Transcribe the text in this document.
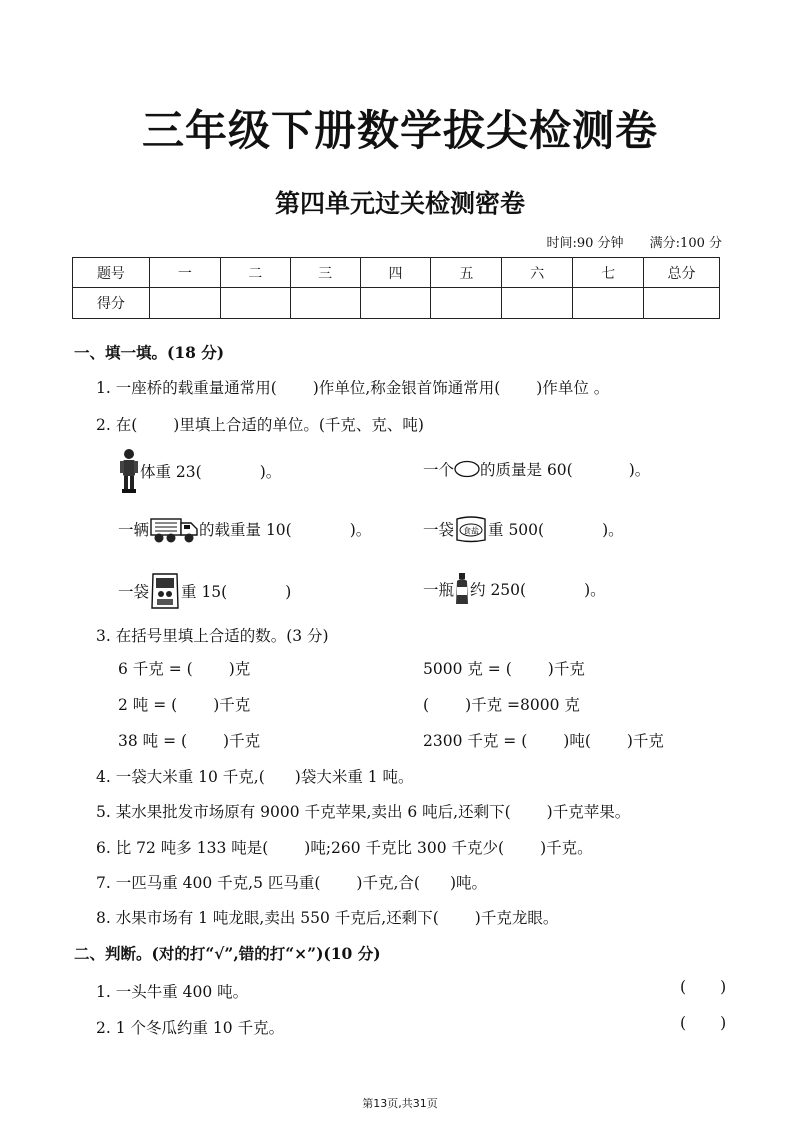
三年级下册数学拔尖检测卷
第四单元过关检测密卷
时间:90 分钟 满分:100 分
题号	一	二	三	四	五	六	七	总分
得分								
一、填一填。(18 分)
1. 一座桥的载重量通常用( )作单位,称金银首饰通常用( )作单位 。
2. 在( )里填上合适的单位。(千克、克、吨)
体重 23(	)。	一个 的质量是 60(	)。
一辆	的载重量 10(	)。	一袋 食盐 重 500(	)。
一袋 重 15(	)	一瓶 约 250(	)。
3. 在括号里填上合适的数。(3 分)
6 千克 = ( )克	5000 克 = ( )千克
2 吨 = ( )千克	( )千克 =8000 克
38 吨 = ( )千克	2300 千克 = ( )吨( )千克
4. 一袋大米重 10 千克,( )袋大米重 1 吨。
5. 某水果批发市场原有 9000 千克苹果,卖出 6 吨后,还剩下( )千克苹果。
6. 比 72 吨多 133 吨是( )吨;260 千克比 300 千克少( )千克。
7. 一匹马重 400 千克,5 匹马重( )千克,合( )吨。
8. 水果市场有 1 吨龙眼,卖出 550 千克后,还剩下( )千克龙眼。
二、判断。(对的打“√”,错的打“×”)(10 分)
1. 一头牛重 400 吨。	( )
2. 1 个冬瓜约重 10 千克。	( )
第13页,共31页
